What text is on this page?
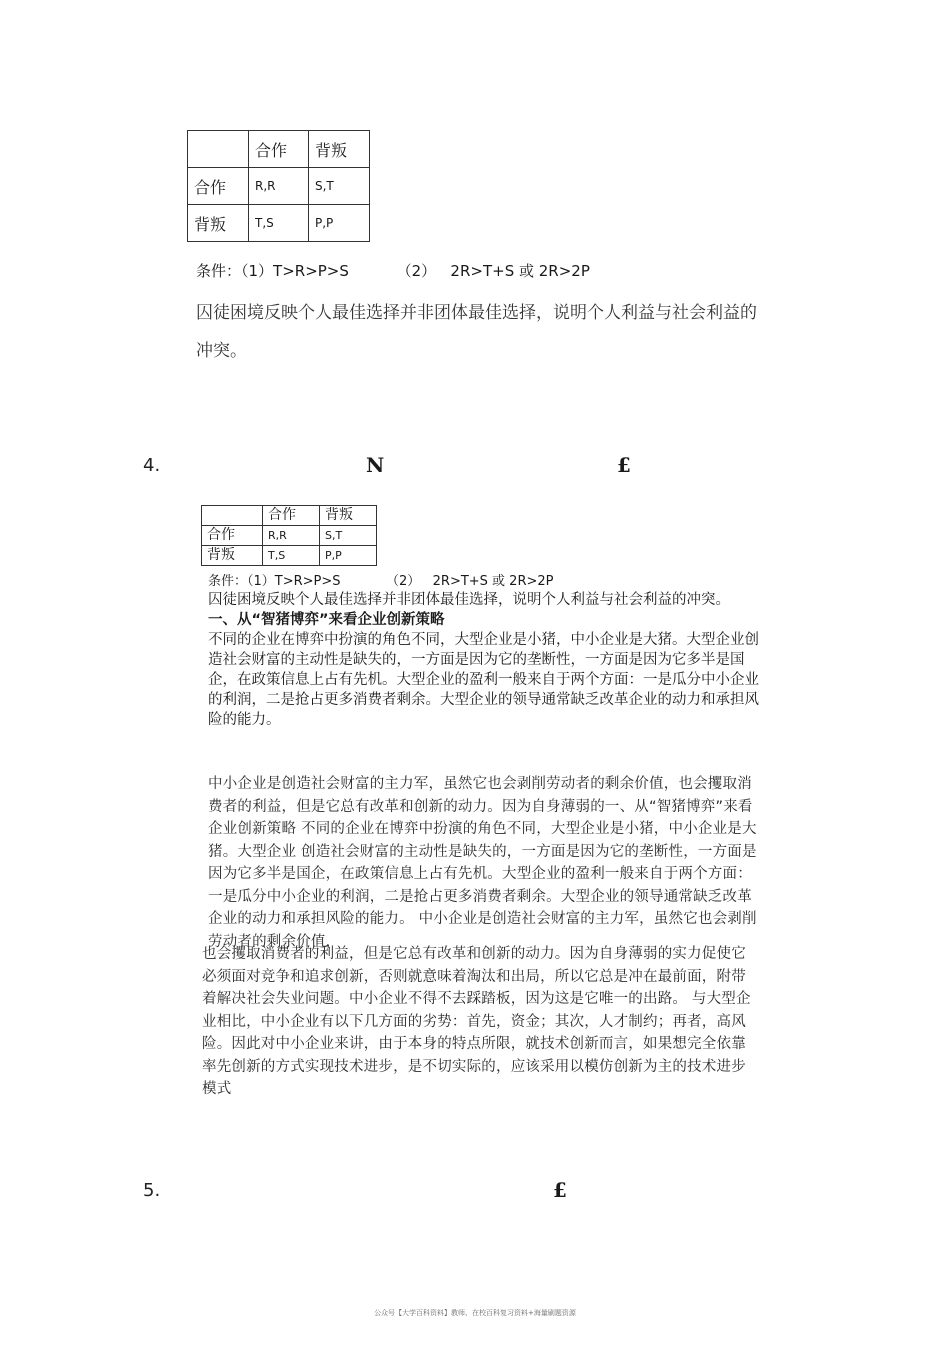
	合作	背叛
合作	R,R	S,T
背叛	T,S	P,P
条件：（1）T>R>P>S          （2）   2R>T+S 或 2R>2P
囚徒困境反映个人最佳选择并非团体最佳选择，说明个人利益与社会利益的冲突。
4.	N	£
	合作	背叛
合作	R,R	S,T
背叛	T,S	P,P
条件：（1）T>R>P>S           （2）   2R>T+S 或 2R>2P

囚徒困境反映个人最佳选择并非团体最佳选择，说明个人利益与社会利益的冲突。

一、从“智猪博弈”来看企业创新策略

不同的企业在博弈中扮演的角色不同，大型企业是小猪，中小企业是大猪。大型企业创造社会财富的主动性是缺失的，一方面是因为它的垄断性，一方面是因为它多半是国企，在政策信息上占有先机。大型企业的盈利一般来自于两个方面：一是瓜分中小企业的利润，二是抢占更多消费者剩余。大型企业的领导通常缺乏改革企业的动力和承担风险的能力。

中小企业是创造社会财富的主力军，虽然它也会剥削劳动者的剩余价值，也会攫取消费者的利益，但是它总有改革和创新的动力。因为自身薄弱的一、从“智猪博弈”来看企业创新策略 不同的企业在博弈中扮演的角色不同，大型企业是小猪，中小企业是大猪。大型企业 创造社会财富的主动性是缺失的，一方面是因为它的垄断性，一方面是因为它多半是国企，在政策信息上占有先机。大型企业的盈利一般来自于两个方面：一是瓜分中小企业的利润，二是抢占更多消费者剩余。大型企业的领导通常缺乏改革企业的动力和承担风险的能力。 中小企业是创造社会财富的主力军，虽然它也会剥削劳动者的剩余价值，
也会攫取消费者的利益，但是它总有改革和创新的动力。因为自身薄弱的实力促使它必须面对竞争和追求创新，否则就意味着淘汰和出局，所以它总是冲在最前面，附带着解决社会失业问题。中小企业不得不去踩踏板，因为这是它唯一的出路。 与大型企业相比，中小企业有以下几方面的劣势：首先，资金；其次，人才制约；再者，高风险。因此对中小企业来讲，由于本身的特点所限，就技术创新而言，如果想完全依靠率先创新的方式实现技术进步，是不切实际的，应该采用以模仿创新为主的技术进步模式
5.	£
公众号【大学百科资料】教师、在校百科复习资料+海量刷题资源
